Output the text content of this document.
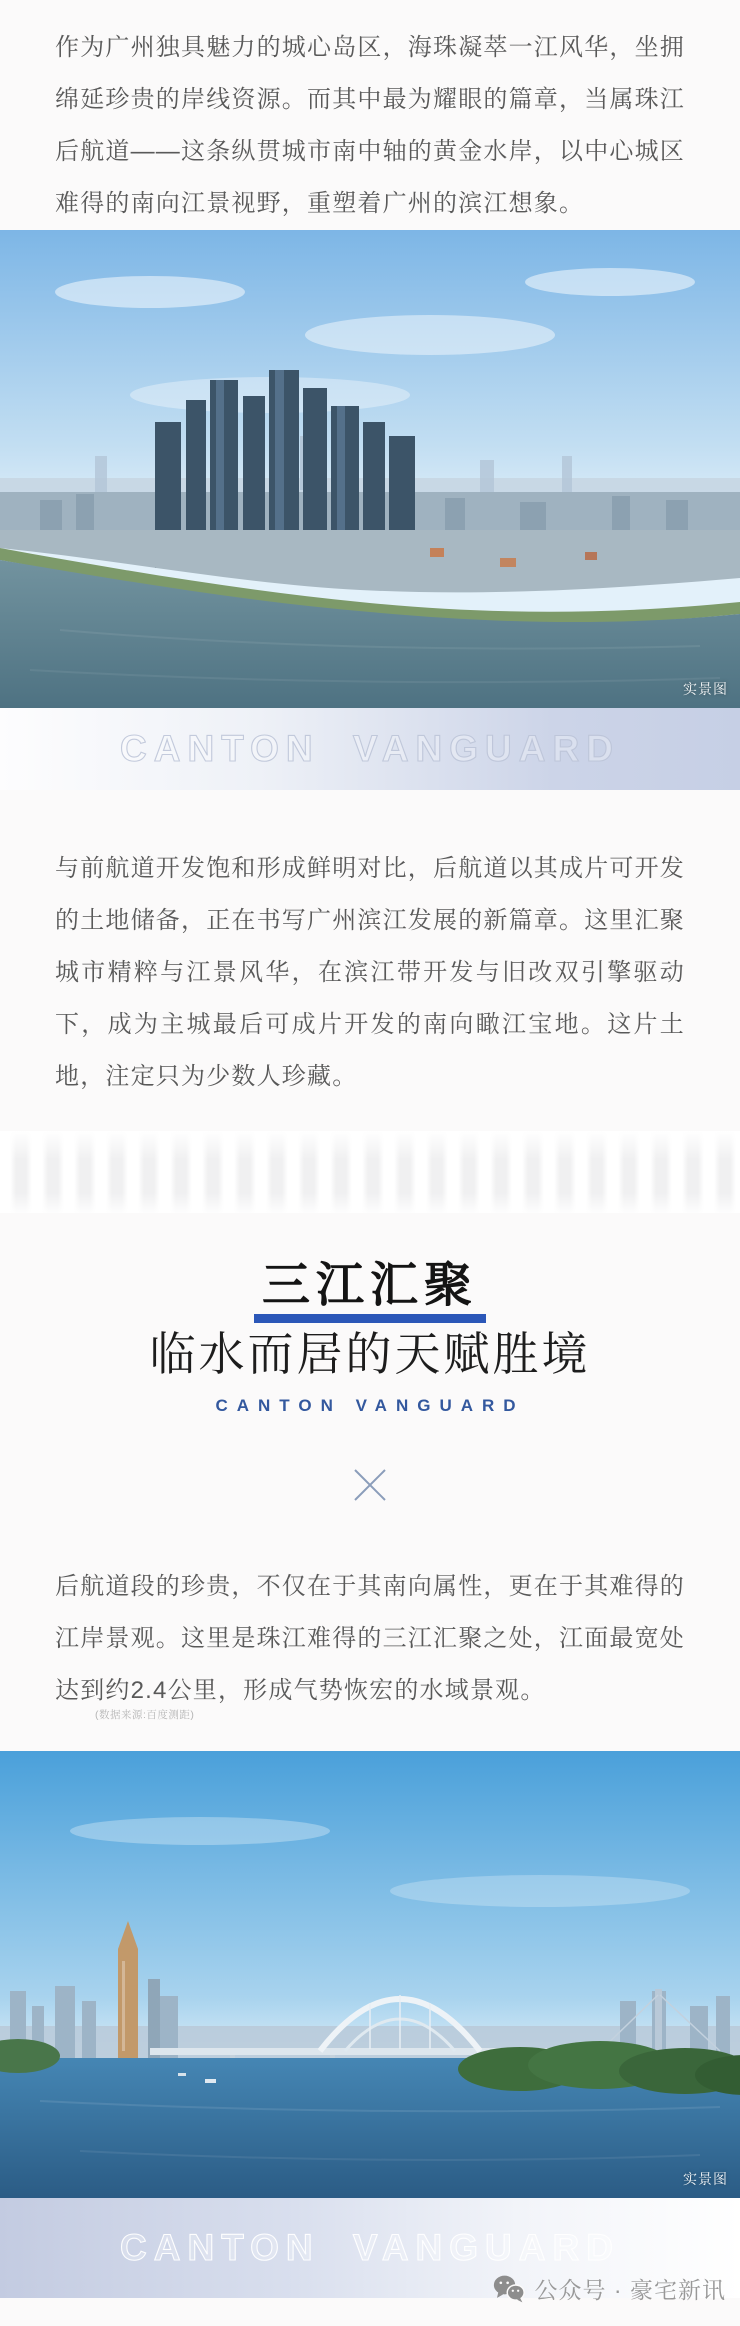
作为广州独具魅力的城心岛区，海珠凝萃一江风华，坐拥绵延珍贵的岸线资源。而其中最为耀眼的篇章，当属珠江后航道——这条纵贯城市南中轴的黄金水岸，以中心城区难得的南向江景视野，重塑着广州的滨江想象。

实景图
CANTON VANGUARD

与前航道开发饱和形成鲜明对比，后航道以其成片可开发的土地储备，正在书写广州滨江发展的新篇章。这里汇聚城市精粹与江景风华，在滨江带开发与旧改双引擎驱动下，成为主城最后可成片开发的南向瞰江宝地。这片土地，注定只为少数人珍藏。

三江汇聚
临水而居的天赋胜境
CANTON VANGUARD

后航道段的珍贵，不仅在于其南向属性，更在于其难得的江岸景观。这里是珠江难得的三江汇聚之处，江面最宽处达到约2.4公里，形成气势恢宏的水域景观。

(数据来源:百度测距)
实景图
CANTON VANGUARD
公众号 · 豪宅新讯
